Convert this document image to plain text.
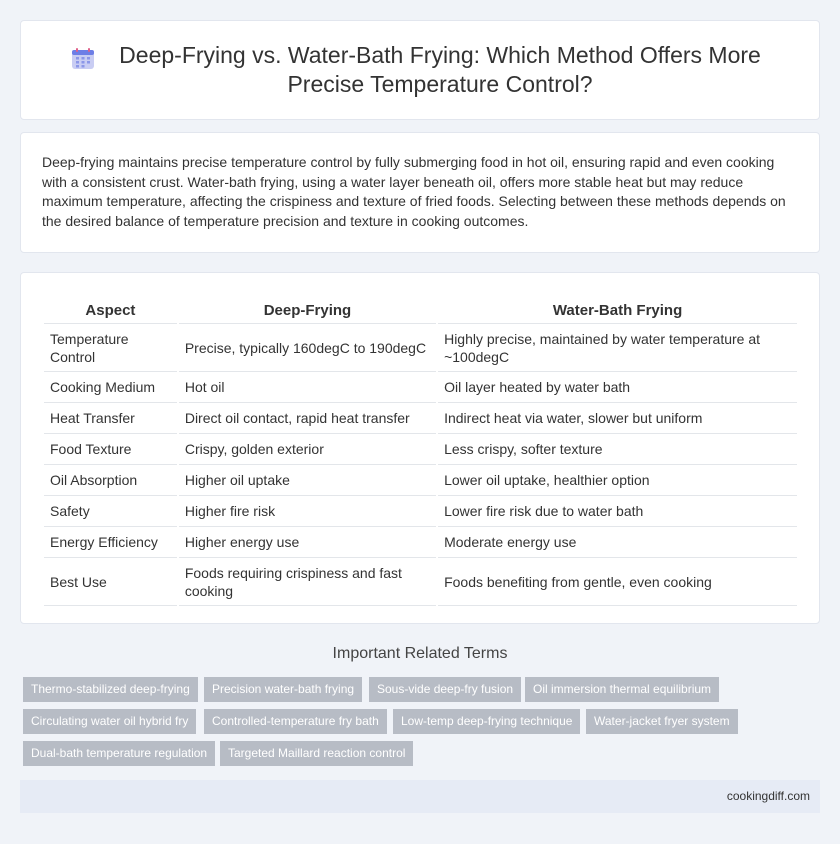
Deep-Frying vs. Water-Bath Frying: Which Method Offers More Precise Temperature Control?

Deep-frying maintains precise temperature control by fully submerging food in hot oil, ensuring rapid and even cooking with a consistent crust. Water-bath frying, using a water layer beneath oil, offers more stable heat but may reduce maximum temperature, affecting the crispiness and texture of fried foods. Selecting between these methods depends on the desired balance of temperature precision and texture in cooking outcomes.

Aspect	Deep-Frying	Water-Bath Frying
Temperature Control	Precise, typically 160degC to 190degC	Highly precise, maintained by water temperature at ~100degC
Cooking Medium	Hot oil	Oil layer heated by water bath
Heat Transfer	Direct oil contact, rapid heat transfer	Indirect heat via water, slower but uniform
Food Texture	Crispy, golden exterior	Less crispy, softer texture
Oil Absorption	Higher oil uptake	Lower oil uptake, healthier option
Safety	Higher fire risk	Lower fire risk due to water bath
Energy Efficiency	Higher energy use	Moderate energy use
Best Use	Foods requiring crispiness and fast cooking	Foods benefiting from gentle, even cooking
Important Related Terms
Thermo-stabilized deep-frying	Precision water-bath frying	Sous-vide deep-fry fusion	Oil immersion thermal equilibrium
Circulating water oil hybrid fry	Controlled-temperature fry bath	Low-temp deep-frying technique	Water-jacket fryer system
Dual-bath temperature regulation	Targeted Maillard reaction control
cookingdiff.com
